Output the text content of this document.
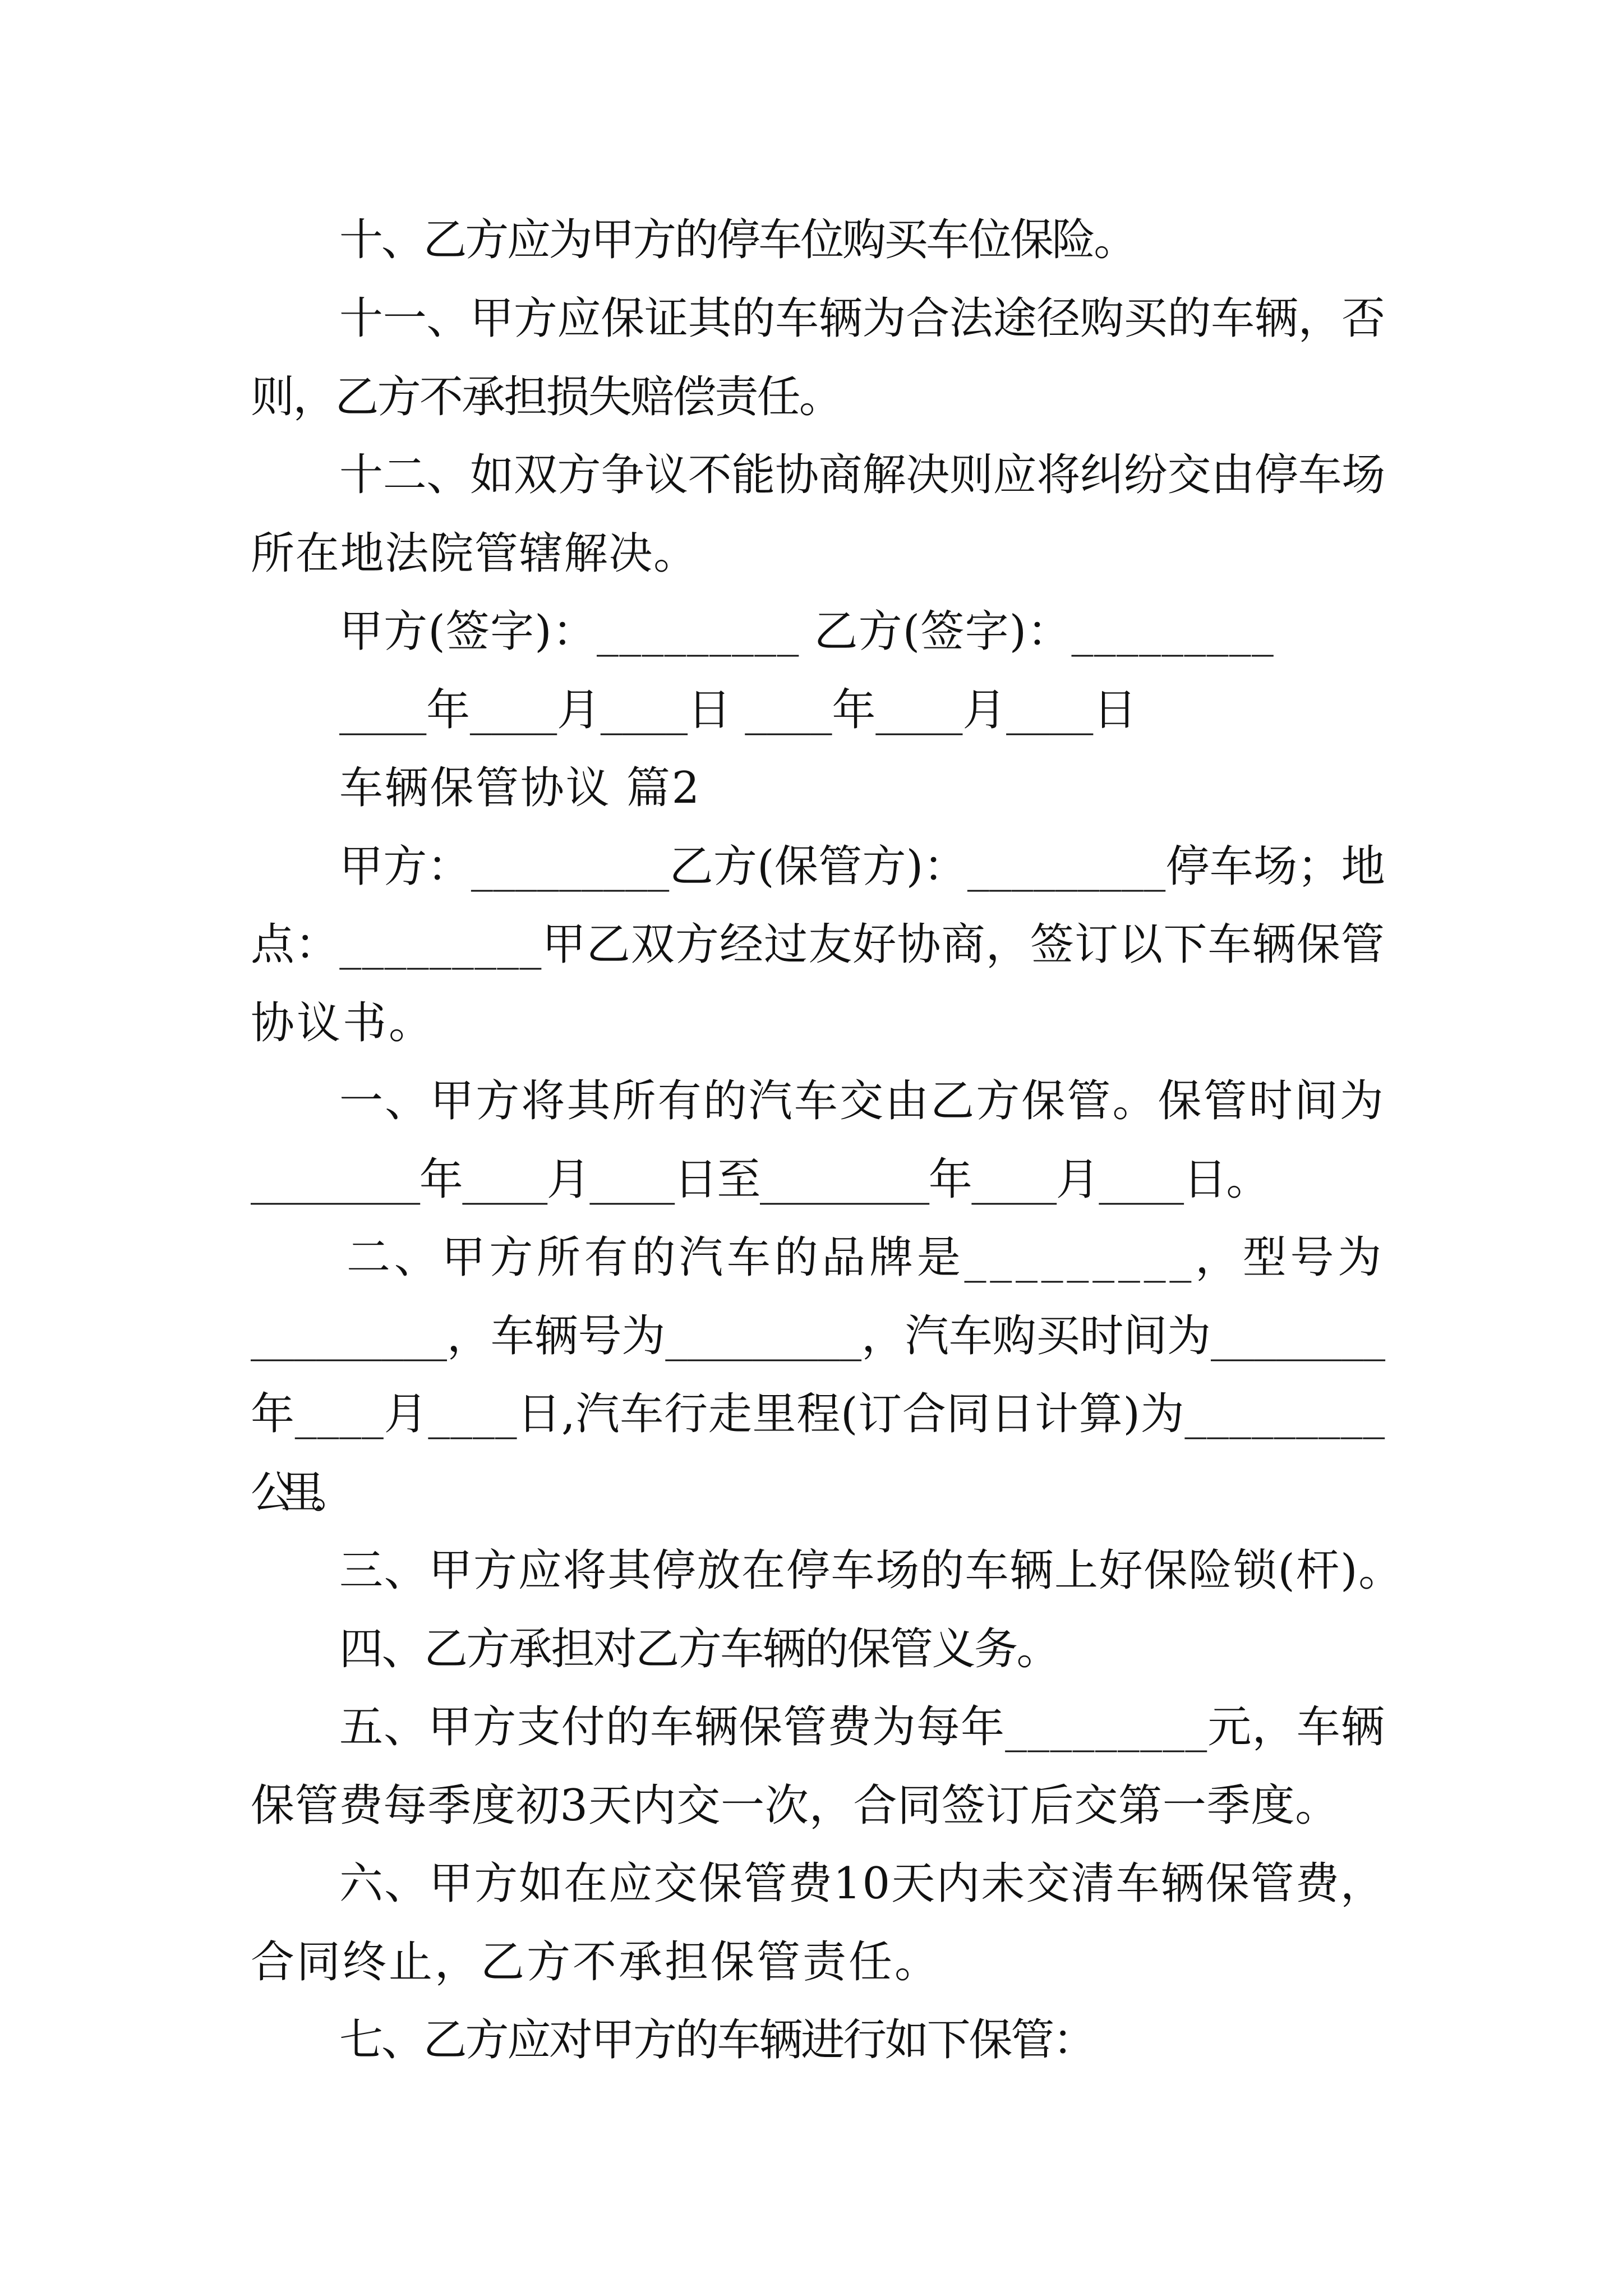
十、乙方应为甲方的停车位购买车位保险。

十一、甲方应保证其的车辆为合法途径购买的车辆，否

则，乙方不承担损失赔偿责任。

十二、如双方争议不能协商解决则应将纠纷交由停车场

所在地法院管辖解决。

甲方(签字)：_________ 乙方(签字)：_________

____年____月____日 ____年____月____日

车辆保管协议 篇2

甲方：_________乙方(保管方)：_________停车场；地

点：_________甲乙双方经过友好协商，签订以下车辆保管

协议书。

一、甲方将其所有的汽车交由乙方保管。保管时间为

________年____月____日至________年____月____日。

二、甲方所有的汽车的品牌是_________，型号为

_________，车辆号为_________，汽车购买时间为________

年____月____日,汽车行走里程(订合同日计算)为_________

公里。

三、甲方应将其停放在停车场的车辆上好保险锁(杆)。

四、乙方承担对乙方车辆的保管义务。

五、甲方支付的车辆保管费为每年_________元，车辆

保管费每季度初3天内交一次，合同签订后交第一季度。

六、甲方如在应交保管费10天内未交清车辆保管费，

合同终止，乙方不承担保管责任。

七、乙方应对甲方的车辆进行如下保管：
